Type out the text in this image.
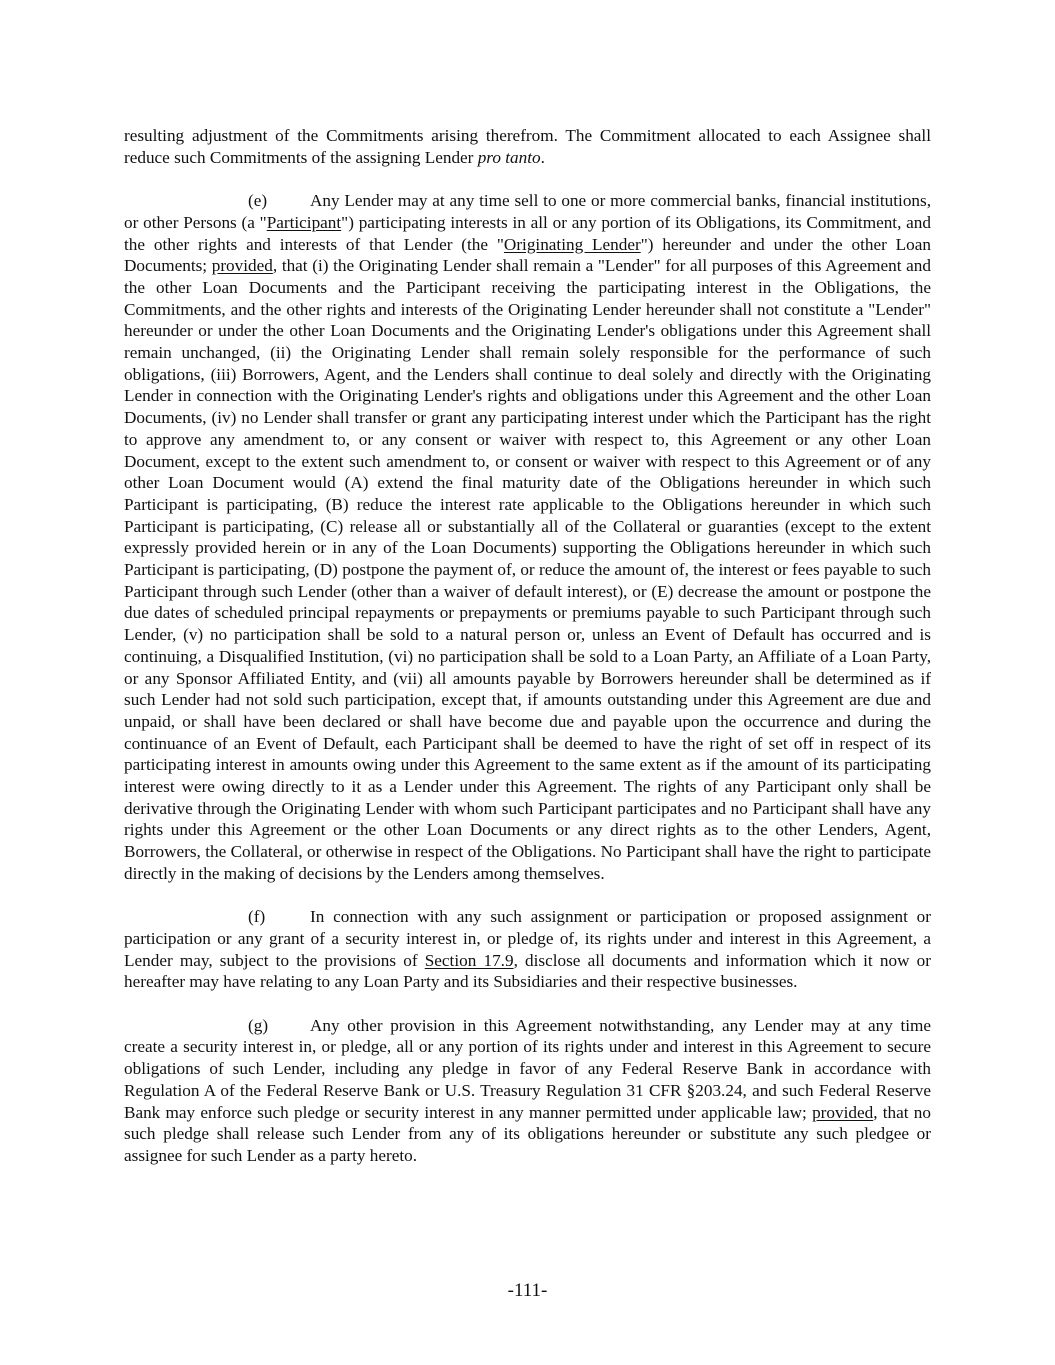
resulting adjustment of the Commitments arising therefrom. The Commitment allocated to each Assignee shall reduce such Commitments of the assigning Lender pro tanto.

(e) Any Lender may at any time sell to one or more commercial banks, financial institutions, or other Persons (a "Participant") participating interests in all or any portion of its Obligations, its Commitment, and the other rights and interests of that Lender (the "Originating Lender") hereunder and under the other Loan Documents; provided, that (i) the Originating Lender shall remain a "Lender" for all purposes of this Agreement and the other Loan Documents and the Participant receiving the participating interest in the Obligations, the Commitments, and the other rights and interests of the Originating Lender hereunder shall not constitute a "Lender" hereunder or under the other Loan Documents and the Originating Lender's obligations under this Agreement shall remain unchanged, (ii) the Originating Lender shall remain solely responsible for the performance of such obligations, (iii) Borrowers, Agent, and the Lenders shall continue to deal solely and directly with the Originating Lender in connection with the Originating Lender's rights and obligations under this Agreement and the other Loan Documents, (iv) no Lender shall transfer or grant any participating interest under which the Participant has the right to approve any amendment to, or any consent or waiver with respect to, this Agreement or any other Loan Document, except to the extent such amendment to, or consent or waiver with respect to this Agreement or of any other Loan Document would (A) extend the final maturity date of the Obligations hereunder in which such Participant is participating, (B) reduce the interest rate applicable to the Obligations hereunder in which such Participant is participating, (C) release all or substantially all of the Collateral or guaranties (except to the extent expressly provided herein or in any of the Loan Documents) supporting the Obligations hereunder in which such Participant is participating, (D) postpone the payment of, or reduce the amount of, the interest or fees payable to such Participant through such Lender (other than a waiver of default interest), or (E) decrease the amount or postpone the due dates of scheduled principal repayments or prepayments or premiums payable to such Participant through such Lender, (v) no participation shall be sold to a natural person or, unless an Event of Default has occurred and is continuing, a Disqualified Institution, (vi) no participation shall be sold to a Loan Party, an Affiliate of a Loan Party, or any Sponsor Affiliated Entity, and (vii) all amounts payable by Borrowers hereunder shall be determined as if such Lender had not sold such participation, except that, if amounts outstanding under this Agreement are due and unpaid, or shall have been declared or shall have become due and payable upon the occurrence and during the continuance of an Event of Default, each Participant shall be deemed to have the right of set off in respect of its participating interest in amounts owing under this Agreement to the same extent as if the amount of its participating interest were owing directly to it as a Lender under this Agreement. The rights of any Participant only shall be derivative through the Originating Lender with whom such Participant participates and no Participant shall have any rights under this Agreement or the other Loan Documents or any direct rights as to the other Lenders, Agent, Borrowers, the Collateral, or otherwise in respect of the Obligations. No Participant shall have the right to participate directly in the making of decisions by the Lenders among themselves.

(f)	In connection with any such assignment or participation or proposed assignment or participation or any grant of a security interest in, or pledge of, its rights under and interest in this Agreement, a Lender may, subject to the provisions of Section 17.9, disclose all documents and information which it now or hereafter may have relating to any Loan Party and its Subsidiaries and their respective businesses.

(g) Any other provision in this Agreement notwithstanding, any Lender may at any time create a security interest in, or pledge, all or any portion of its rights under and interest in this Agreement to secure obligations of such Lender, including any pledge in favor of any Federal Reserve Bank in accordance with Regulation A of the Federal Reserve Bank or U.S. Treasury Regulation 31 CFR §203.24, and such Federal Reserve Bank may enforce such pledge or security interest in any manner permitted under applicable law; provided, that no such pledge shall release such Lender from any of its obligations hereunder or substitute any such pledgee or assignee for such Lender as a party hereto.

-111-
